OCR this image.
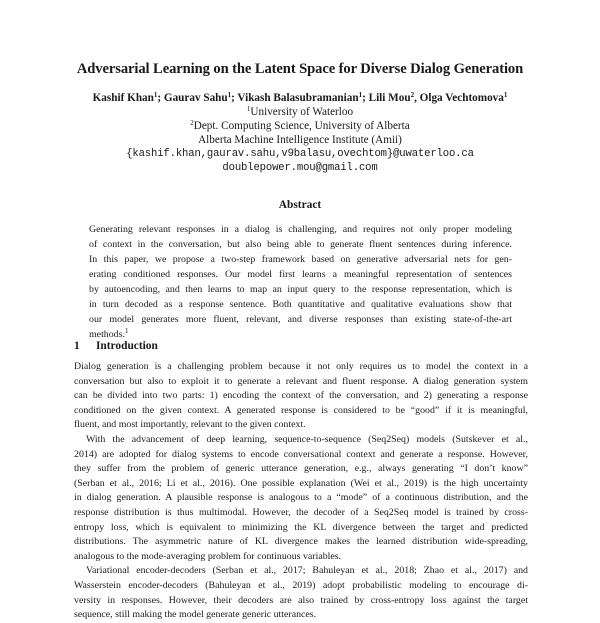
Adversarial Learning on the Latent Space for Diverse Dialog Generation
Kashif Khan$^1$; Gaurav Sahu$^1$; Vikash Balasubramanian$^1$; Lili Mou$^2$, Olga Vechtomova$^1$
$^1$University of Waterloo
$^2$Dept. Computing Science, University of Alberta
Alberta Machine Intelligence Institute (Amii)
{kashif.khan,gaurav.sahu,v9balasu,ovechtom}@uwaterloo.ca
doublepower.mou@gmail.com
Abstract
Generating relevant responses in a dialog is challenging, and requires not only proper modeling
of context in the conversation, but also being able to generate fluent sentences during inference.
In this paper, we propose a two-step framework based on generative adversarial nets for gen-
erating conditioned responses. Our model first learns a meaningful representation of sentences
by autoencoding, and then learns to map an input query to the response representation, which is
in turn decoded as a response sentence. Both quantitative and qualitative evaluations show that
our model generates more fluent, relevant, and diverse responses than existing state-of-the-art
methods.$^1$
1 Introduction
Dialog generation is a challenging problem because it not only requires us to model the context in a
conversation but also to exploit it to generate a relevant and fluent response. A dialog generation system
can be divided into two parts: 1) encoding the context of the conversation, and 2) generating a response
conditioned on the given context. A generated response is considered to be “good” if it is meaningful,
fluent, and most importantly, relevant to the given context.
With the advancement of deep learning, sequence-to-sequence (Seq2Seq) models (Sutskever et al.,
2014) are adopted for dialog systems to encode conversational context and generate a response. However,
they suffer from the problem of generic utterance generation, e.g., always generating “I don’t know”
(Serban et al., 2016; Li et al., 2016). One possible explanation (Wei et al., 2019) is the high uncertainty
in dialog generation. A plausible response is analogous to a “mode” of a continuous distribution, and the
response distribution is thus multimodal. However, the decoder of a Seq2Seq model is trained by cross-
entropy loss, which is equivalent to minimizing the KL divergence between the target and predicted
distributions. The asymmetric nature of KL divergence makes the learned distribution wide-spreading,
analogous to the mode-averaging problem for continuous variables.
Variational encoder-decoders (Serban et al., 2017; Bahuleyan et al., 2018; Zhao et al., 2017) and
Wasserstein encoder-decoders (Bahuleyan et al., 2019) adopt probabilistic modeling to encourage di-
versity in responses. However, their decoders are also trained by cross-entropy loss against the target
sequence, still making the model generate generic utterances.
